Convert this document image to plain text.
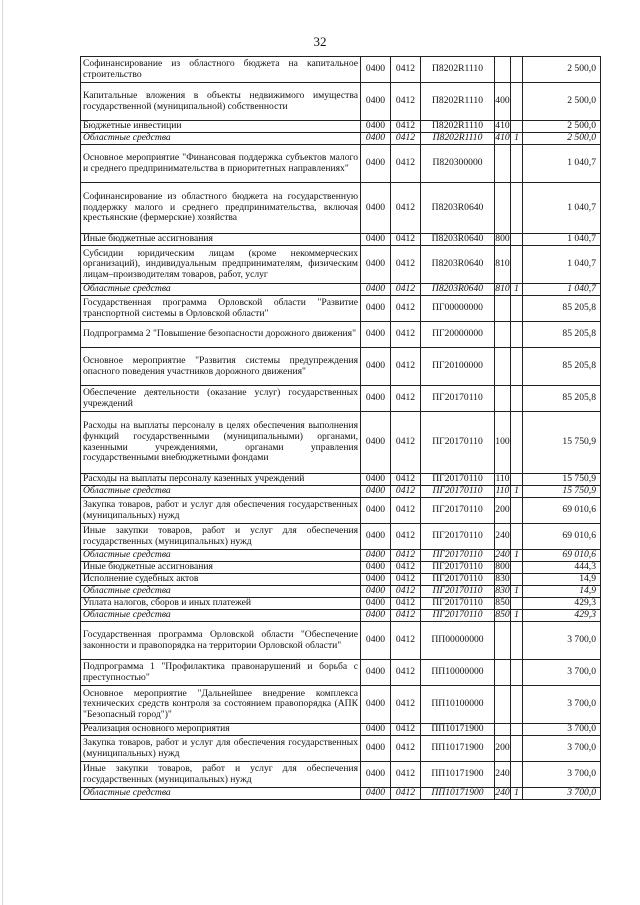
32
Софинансирование из областного бюджета на капитальное строительство	0400	0412	П8202R1110			2 500,0
Капитальные вложения в объекты недвижимого имущества государственной (муниципальной) собственности	0400	0412	П8202R1110	400		2 500,0
Бюджетные инвестиции	0400	0412	П8202R1110	410		2 500,0
Областные средства	0400	0412	П8202R1110	410	1	2 500,0
Основное мероприятие "Финансовая поддержка субъектов малого и среднего предпринимательства в приоритетных направлениях"	0400	0412	П820300000			1 040,7
Софинансирование из областного бюджета на государственную поддержку малого и среднего предпринимательства, включая крестьянские (фермерские) хозяйства	0400	0412	П8203R0640			1 040,7
Иные бюджетные ассигнования	0400	0412	П8203R0640	800		1 040,7
Субсидии юридическим лицам (кроме некоммерческих организаций), индивидуальным предпринимателям, физическим лицам–производителям товаров, работ, услуг	0400	0412	П8203R0640	810		1 040,7
Областные средства	0400	0412	П8203R0640	810	1	1 040,7
Государственная программа Орловской области "Развитие транспортной системы в Орловской области"	0400	0412	ПГ00000000			85 205,8
Подпрограмма 2 "Повышение безопасности дорожного движения"	0400	0412	ПГ20000000			85 205,8
Основное мероприятие "Развития системы предупреждения опасного поведения участников дорожного движения"	0400	0412	ПГ20100000			85 205,8
Обеспечение деятельности (оказание услуг) государственных учреждений	0400	0412	ПГ20170110			85 205,8
Расходы на выплаты персоналу в целях обеспечения выполнения функций государственными (муниципальными) органами, казенными учреждениями, органами управления государственными внебюджетными фондами	0400	0412	ПГ20170110	100		15 750,9
Расходы на выплаты персоналу казенных учреждений	0400	0412	ПГ20170110	110		15 750,9
Областные средства	0400	0412	ПГ20170110	110	1	15 750,9
Закупка товаров, работ и услуг для обеспечения государственных (муниципальных) нужд	0400	0412	ПГ20170110	200		69 010,6
Иные закупки товаров, работ и услуг для обеспечения государственных (муниципальных) нужд	0400	0412	ПГ20170110	240		69 010,6
Областные средства	0400	0412	ПГ20170110	240	1	69 010,6
Иные бюджетные ассигнования	0400	0412	ПГ20170110	800		444,3
Исполнение судебных актов	0400	0412	ПГ20170110	830		14,9
Областные средства	0400	0412	ПГ20170110	830	1	14,9
Уплата налогов, сборов и иных платежей	0400	0412	ПГ20170110	850		429,3
Областные средства	0400	0412	ПГ20170110	850	1	429,3
Государственная программа Орловской области "Обеспечение законности и правопорядка на территории Орловской области"	0400	0412	ПП00000000			3 700,0
Подпрограмма 1 "Профилактика правонарушений и борьба с преступностью"	0400	0412	ПП10000000			3 700,0
Основное мероприятие "Дальнейшее внедрение комплекса технических средств контроля за состоянием правопорядка (АПК "Безопасный город")"	0400	0412	ПП10100000			3 700,0
Реализация основного мероприятия	0400	0412	ПП10171900			3 700,0
Закупка товаров, работ и услуг для обеспечения государственных (муниципальных) нужд	0400	0412	ПП10171900	200		3 700,0
Иные закупки товаров, работ и услуг для обеспечения государственных (муниципальных) нужд	0400	0412	ПП10171900	240		3 700,0
Областные средства	0400	0412	ПП10171900	240	1	3 700,0
